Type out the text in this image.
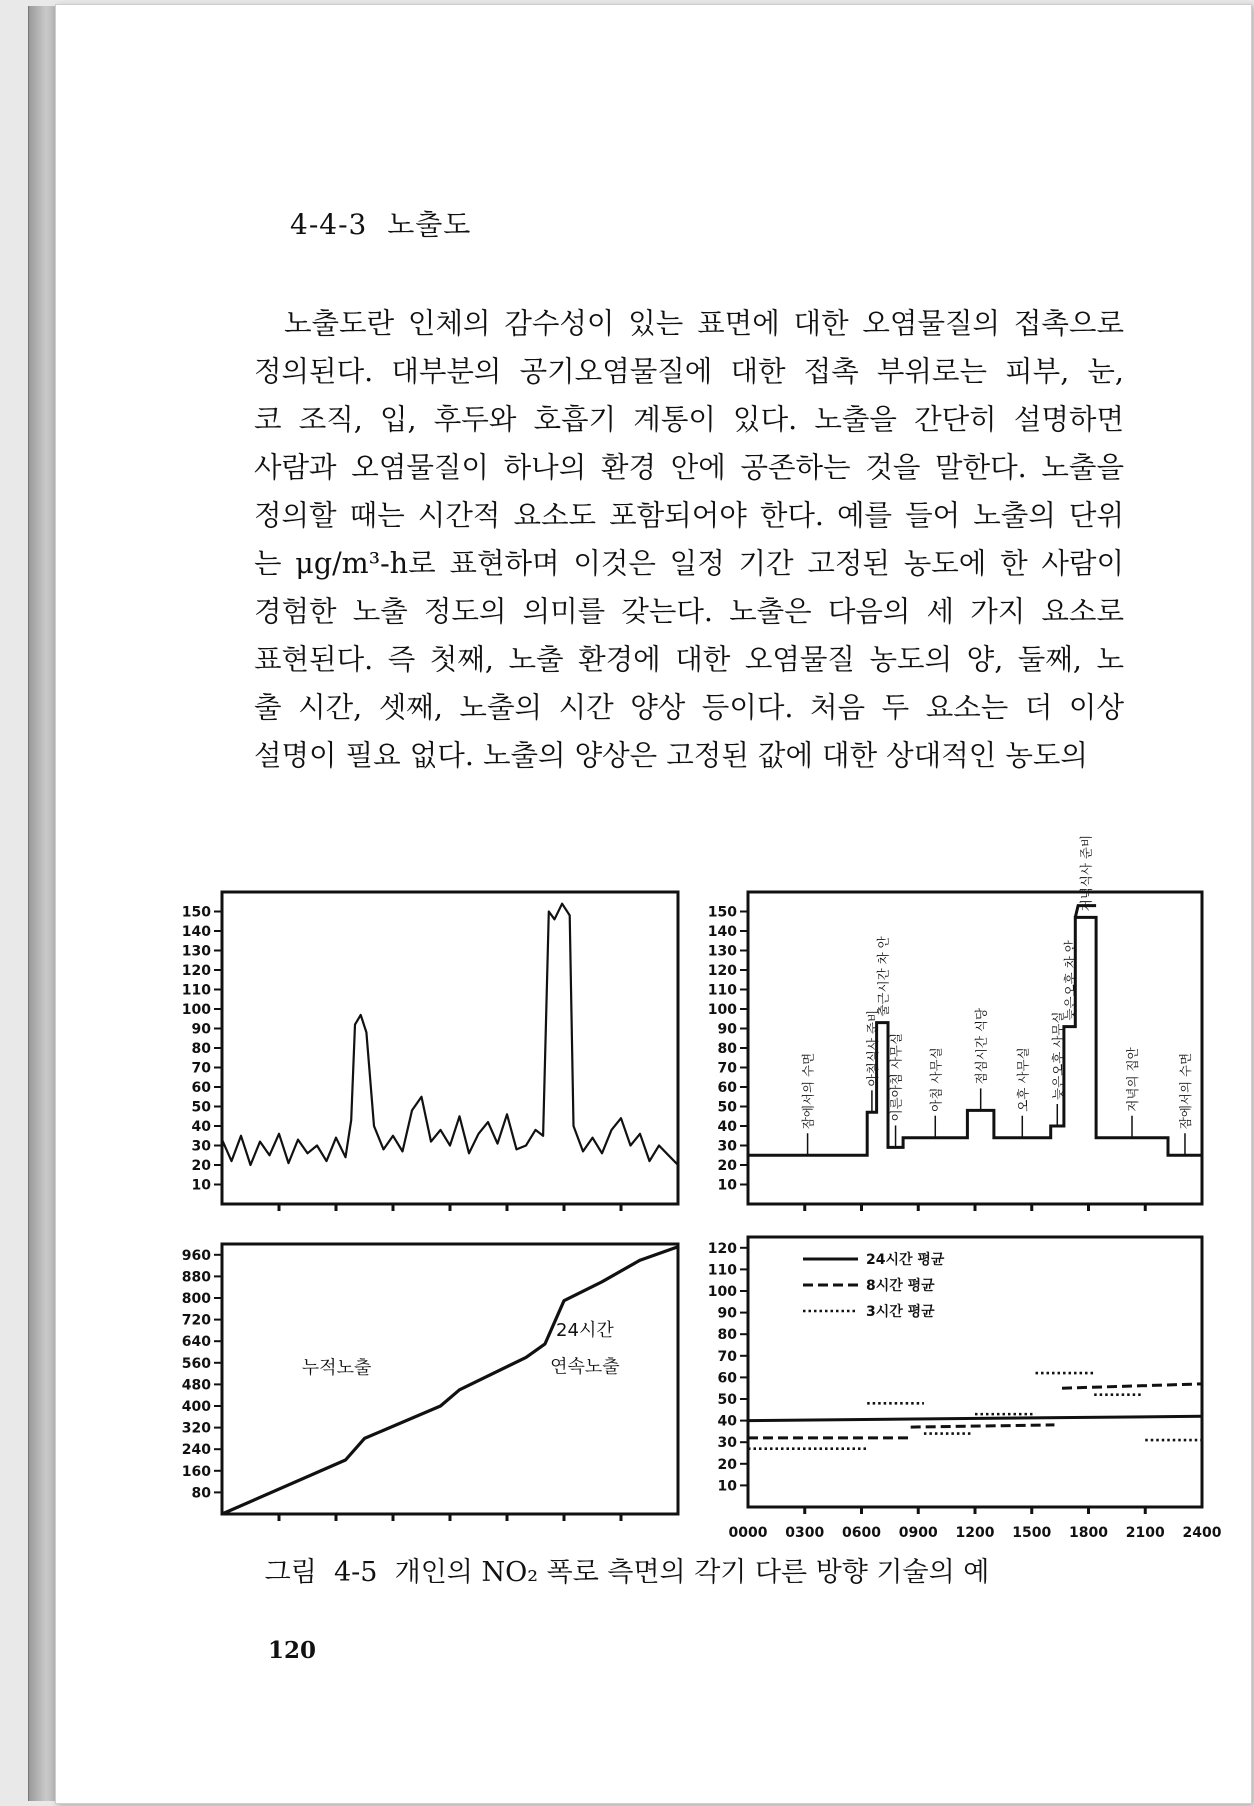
4-4-3 노출도
노출도란 인체의 감수성이 있는 표면에 대한 오염물질의 접촉으로
정의된다. 대부분의 공기오염물질에 대한 접촉 부위로는 피부, 눈,
코 조직, 입, 후두와 호흡기 계통이 있다. 노출을 간단히 설명하면
사람과 오염물질이 하나의 환경 안에 공존하는 것을 말한다. 노출을
정의할 때는 시간적 요소도 포함되어야 한다. 예를 들어 노출의 단위
는 μg/m³-h로 표현하며 이것은 일정 기간 고정된 농도에 한 사람이
경험한 노출 정도의 의미를 갖는다. 노출은 다음의 세 가지 요소로
표현된다. 즉 첫째, 노출 환경에 대한 오염물질 농도의 양, 둘째, 노
출 시간, 셋째, 노출의 시간 양상 등이다. 처음 두 요소는 더 이상
설명이 필요 없다. 노출의 양상은 고정된 값에 대한 상대적인 농도의
10
20
30
40
50
60
70
80
90
100
110
120
130
140
150
10
20
30
40
50
60
70
80
90
100
110
120
130
140
150
잠에서의 수면
아침식사 준비
출근시간 차 안
이른아침 사무실 아침 사무실 점심시간 식당 오후 사무실 늦은오후 사무실
늦은오후 차 안
저녁식사 준비
저녁의 집안	잠에서의 수면
80
160
240
320
400
480
560
640
720
800
880
960
누적노출
24시간
연속노출
10
20
30
40
50
60
70
80
90
100
110
120
24시간 평균
8시간 평균
3시간 평균
0000 0300 0600 0900 1200 1500 1800 2100 2400
그림 4-5 개인의 NO₂ 폭로 측면의 각기 다른 방향 기술의 예
120
